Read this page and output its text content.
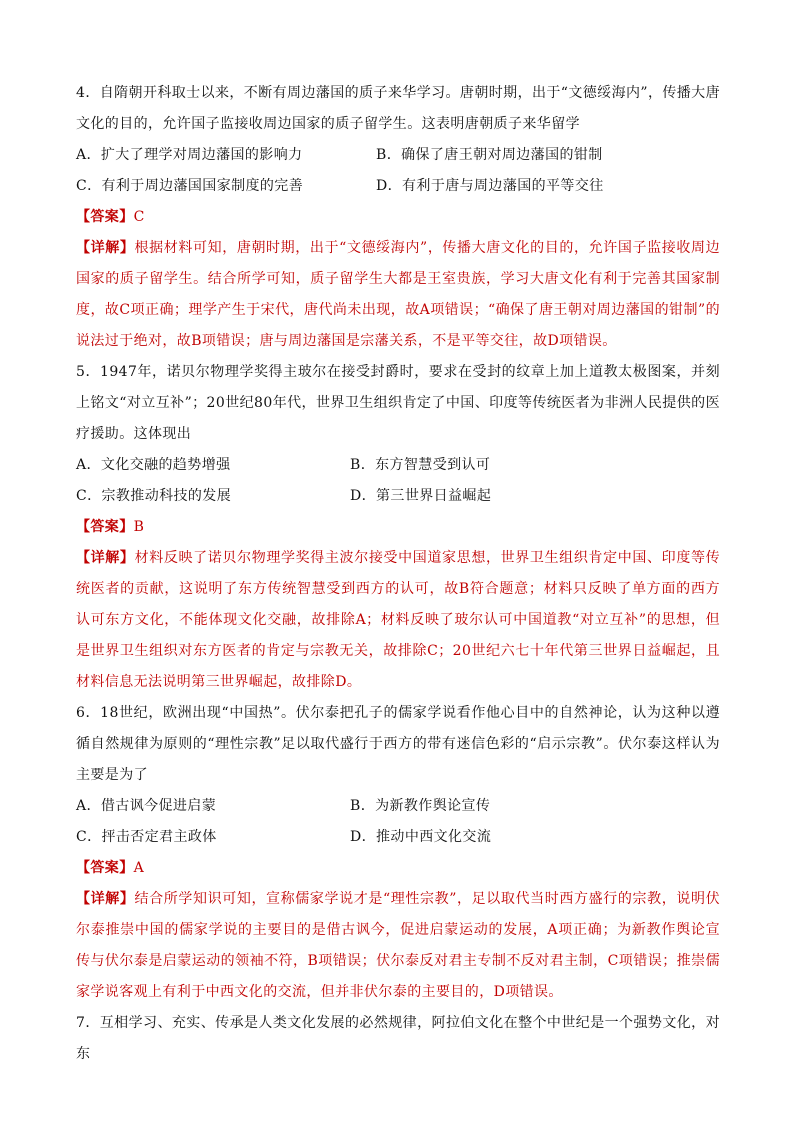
4．自隋朝开科取士以来，不断有周边藩国的质子来华学习。唐朝时期，出于“文德绥海内”，传播大唐文化的目的，允许国子监接收周边国家的质子留学生。这表明唐朝质子来华留学
A．扩大了理学对周边藩国的影响力	B．确保了唐王朝对周边藩国的钳制
C．有利于周边藩国国家制度的完善	D．有利于唐与周边藩国的平等交往
【答案】C
【详解】根据材料可知，唐朝时期，出于“文德绥海内”，传播大唐文化的目的，允许国子监接收周边国家的质子留学生。结合所学可知，质子留学生大都是王室贵族，学习大唐文化有利于完善其国家制度，故C项正确；理学产生于宋代，唐代尚未出现，故A项错误；“确保了唐王朝对周边藩国的钳制”的说法过于绝对，故B项错误；唐与周边藩国是宗藩关系，不是平等交往，故D项错误。
5．1947年，诺贝尔物理学奖得主玻尔在接受封爵时，要求在受封的纹章上加上道教太极图案，并刻上铭文“对立互补”；20世纪80年代，世界卫生组织肯定了中国、印度等传统医者为非洲人民提供的医疗援助。这体现出
A．文化交融的趋势增强	B．东方智慧受到认可
C．宗教推动科技的发展	D．第三世界日益崛起
【答案】B
【详解】材料反映了诺贝尔物理学奖得主波尔接受中国道家思想，世界卫生组织肯定中国、印度等传统医者的贡献，这说明了东方传统智慧受到西方的认可，故B符合题意；材料只反映了单方面的西方认可东方文化，不能体现文化交融，故排除A；材料反映了玻尔认可中国道教“对立互补”的思想，但是世界卫生组织对东方医者的肯定与宗教无关，故排除C；20世纪六七十年代第三世界日益崛起，且材料信息无法说明第三世界崛起，故排除D。
6．18世纪，欧洲出现“中国热”。伏尔泰把孔子的儒家学说看作他心目中的自然神论，认为这种以遵循自然规律为原则的“理性宗教”足以取代盛行于西方的带有迷信色彩的“启示宗教”。伏尔泰这样认为主要是为了
A．借古讽今促进启蒙	B．为新教作舆论宣传
C．抨击否定君主政体	D．推动中西文化交流
【答案】A
【详解】结合所学知识可知，宣称儒家学说才是“理性宗教”，足以取代当时西方盛行的宗教，说明伏尔泰推崇中国的儒家学说的主要目的是借古讽今，促进启蒙运动的发展，A项正确；为新教作舆论宣传与伏尔泰是启蒙运动的领袖不符，B项错误；伏尔泰反对君主专制不反对君主制，C项错误；推崇儒家学说客观上有利于中西文化的交流，但并非伏尔泰的主要目的，D项错误。
7．互相学习、充实、传承是人类文化发展的必然规律，阿拉伯文化在整个中世纪是一个强势文化，对东
